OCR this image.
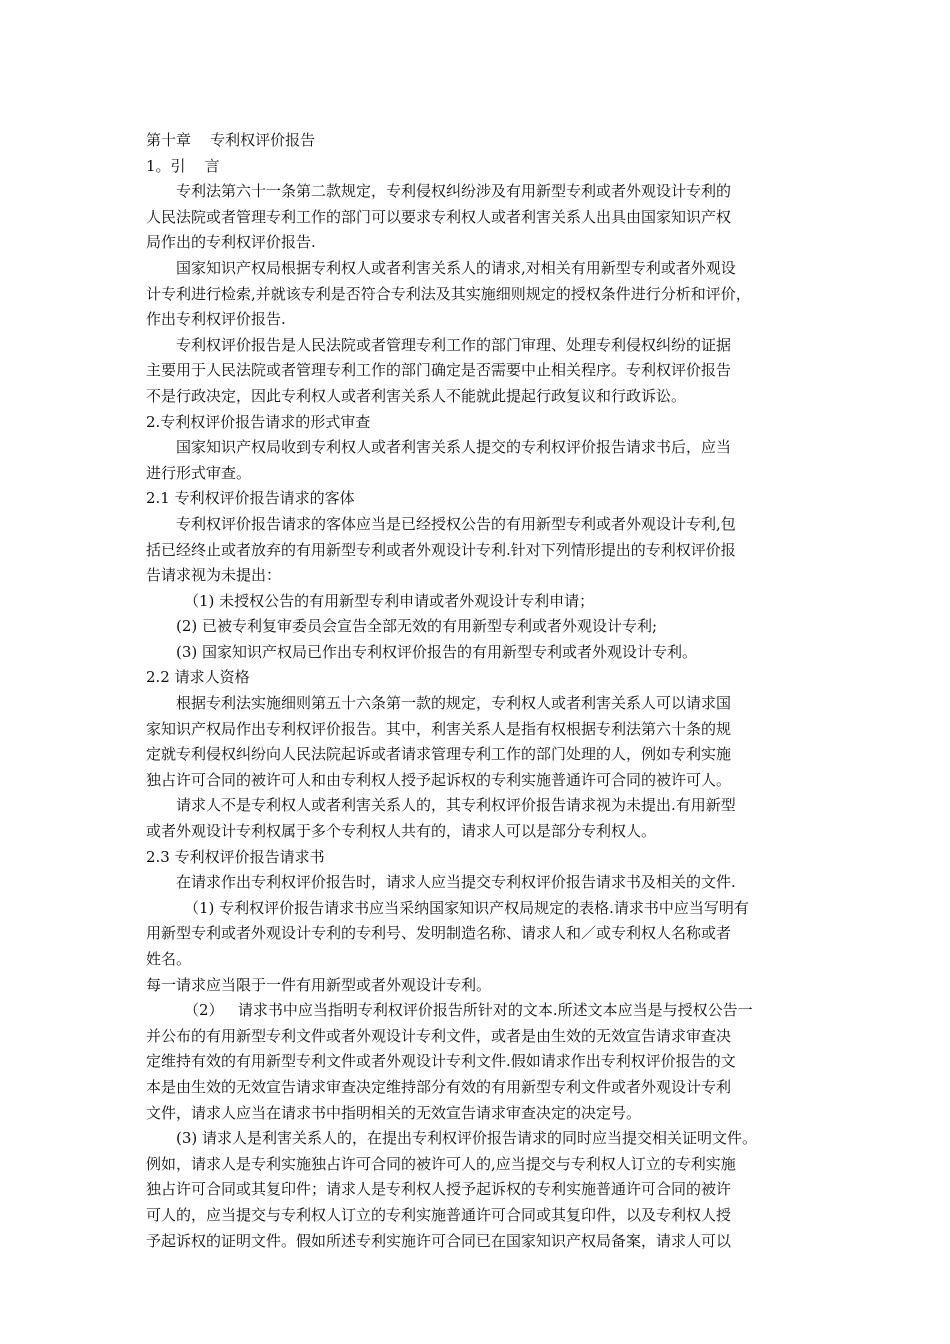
第十章    专利权评价报告
1。引    言
专利法第六十一条第二款规定，专利侵权纠纷涉及有用新型专利或者外观设计专利的
人民法院或者管理专利工作的部门可以要求专利权人或者利害关系人出具由国家知识产权
局作出的专利权评价报告.
国家知识产权局根据专利权人或者利害关系人的请求,对相关有用新型专利或者外观设
计专利进行检索,并就该专利是否符合专利法及其实施细则规定的授权条件进行分析和评价，
作出专利权评价报告.
专利权评价报告是人民法院或者管理专利工作的部门审理、处理专利侵权纠纷的证据
主要用于人民法院或者管理专利工作的部门确定是否需要中止相关程序。专利权评价报告
不是行政决定，因此专利权人或者利害关系人不能就此提起行政复议和行政诉讼。
2.专利权评价报告请求的形式审查
国家知识产权局收到专利权人或者利害关系人提交的专利权评价报告请求书后，应当
进行形式审查。
2.1 专利权评价报告请求的客体
专利权评价报告请求的客体应当是已经授权公告的有用新型专利或者外观设计专利,包
括已经终止或者放弃的有用新型专利或者外观设计专利.针对下列情形提出的专利权评价报
告请求视为未提出：
（1) 未授权公告的有用新型专利申请或者外观设计专利申请；
(2) 已被专利复审委员会宣告全部无效的有用新型专利或者外观设计专利;
(3) 国家知识产权局已作出专利权评价报告的有用新型专利或者外观设计专利。
2.2 请求人资格
根据专利法实施细则第五十六条第一款的规定，专利权人或者利害关系人可以请求国
家知识产权局作出专利权评价报告。其中，利害关系人是指有权根据专利法第六十条的规
定就专利侵权纠纷向人民法院起诉或者请求管理专利工作的部门处理的人，例如专利实施
独占许可合同的被许可人和由专利权人授予起诉权的专利实施普通许可合同的被许可人。
请求人不是专利权人或者利害关系人的，其专利权评价报告请求视为未提出.有用新型
或者外观设计专利权属于多个专利权人共有的，请求人可以是部分专利权人。
2.3 专利权评价报告请求书
在请求作出专利权评价报告时，请求人应当提交专利权评价报告请求书及相关的文件.
（1) 专利权评价报告请求书应当采纳国家知识产权局规定的表格.请求书中应当写明有
用新型专利或者外观设计专利的专利号、发明制造名称、请求人和／或专利权人名称或者
姓名。
每一请求应当限于一件有用新型或者外观设计专利。
（2）   请求书中应当指明专利权评价报告所针对的文本.所述文本应当是与授权公告一
并公布的有用新型专利文件或者外观设计专利文件，或者是由生效的无效宣告请求审查决
定维持有效的有用新型专利文件或者外观设计专利文件.假如请求作出专利权评价报告的文
本是由生效的无效宣告请求审查决定维持部分有效的有用新型专利文件或者外观设计专利
文件，请求人应当在请求书中指明相关的无效宣告请求审查决定的决定号。
(3) 请求人是利害关系人的，在提出专利权评价报告请求的同时应当提交相关证明文件。
例如，请求人是专利实施独占许可合同的被许可人的,应当提交与专利权人订立的专利实施
独占许可合同或其复印件；请求人是专利权人授予起诉权的专利实施普通许可合同的被许
可人的，应当提交与专利权人订立的专利实施普通许可合同或其复印件，以及专利权人授
予起诉权的证明文件。假如所述专利实施许可合同已在国家知识产权局备案，请求人可以
